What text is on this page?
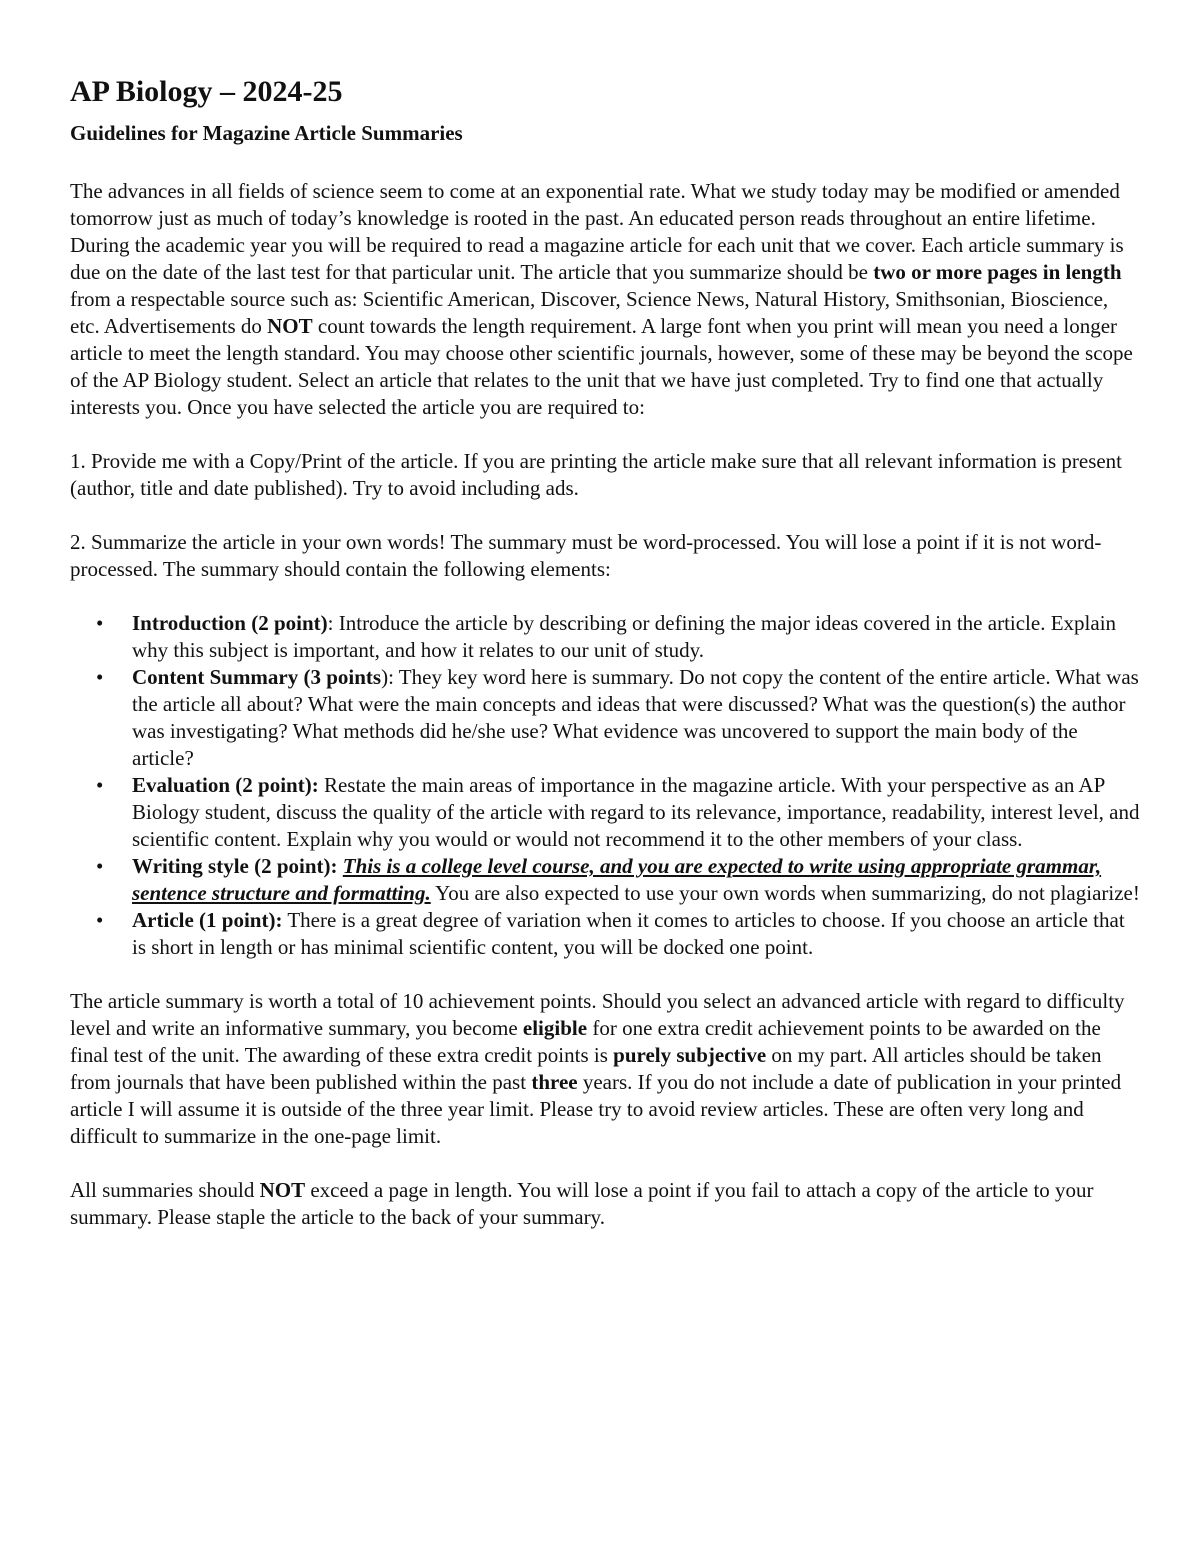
AP Biology – 2024-25
Guidelines for Magazine Article Summaries

The advances in all fields of science seem to come at an exponential rate. What we study today may be modified or amended tomorrow just as much of today’s knowledge is rooted in the past. An educated person reads throughout an entire lifetime. During the academic year you will be required to read a magazine article for each unit that we cover. Each article summary is due on the date of the last test for that particular unit. The article that you summarize should be two or more pages in length from a respectable source such as: Scientific American, Discover, Science News, Natural History, Smithsonian, Bioscience, etc. Advertisements do NOT count towards the length requirement. A large font when you print will mean you need a longer article to meet the length standard. You may choose other scientific journals, however, some of these may be beyond the scope of the AP Biology student. Select an article that relates to the unit that we have just completed. Try to find one that actually interests you. Once you have selected the article you are required to:

1. Provide me with a Copy/Print of the article. If you are printing the article make sure that all relevant information is present (author, title and date published). Try to avoid including ads.

2. Summarize the article in your own words! The summary must be word-processed. You will lose a point if it is not word-processed. The summary should contain the following elements:

• Introduction (2 point): Introduce the article by describing or defining the major ideas covered in the article. Explain why this subject is important, and how it relates to our unit of study.
• Content Summary (3 points): They key word here is summary. Do not copy the content of the entire article. What was the article all about? What were the main concepts and ideas that were discussed? What was the question(s) the author was investigating? What methods did he/she use? What evidence was uncovered to support the main body of the article?
• Evaluation (2 point): Restate the main areas of importance in the magazine article. With your perspective as an AP Biology student, discuss the quality of the article with regard to its relevance, importance, readability, interest level, and scientific content. Explain why you would or would not recommend it to the other members of your class.
• Writing style (2 point): This is a college level course, and you are expected to write using appropriate grammar, sentence structure and formatting. You are also expected to use your own words when summarizing, do not plagiarize!
• Article (1 point): There is a great degree of variation when it comes to articles to choose. If you choose an article that is short in length or has minimal scientific content, you will be docked one point.

The article summary is worth a total of 10 achievement points. Should you select an advanced article with regard to difficulty level and write an informative summary, you become eligible for one extra credit achievement points to be awarded on the final test of the unit. The awarding of these extra credit points is purely subjective on my part. All articles should be taken from journals that have been published within the past three years. If you do not include a date of publication in your printed article I will assume it is outside of the three year limit. Please try to avoid review articles. These are often very long and difficult to summarize in the one-page limit.

All summaries should NOT exceed a page in length. You will lose a point if you fail to attach a copy of the article to your summary. Please staple the article to the back of your summary.
